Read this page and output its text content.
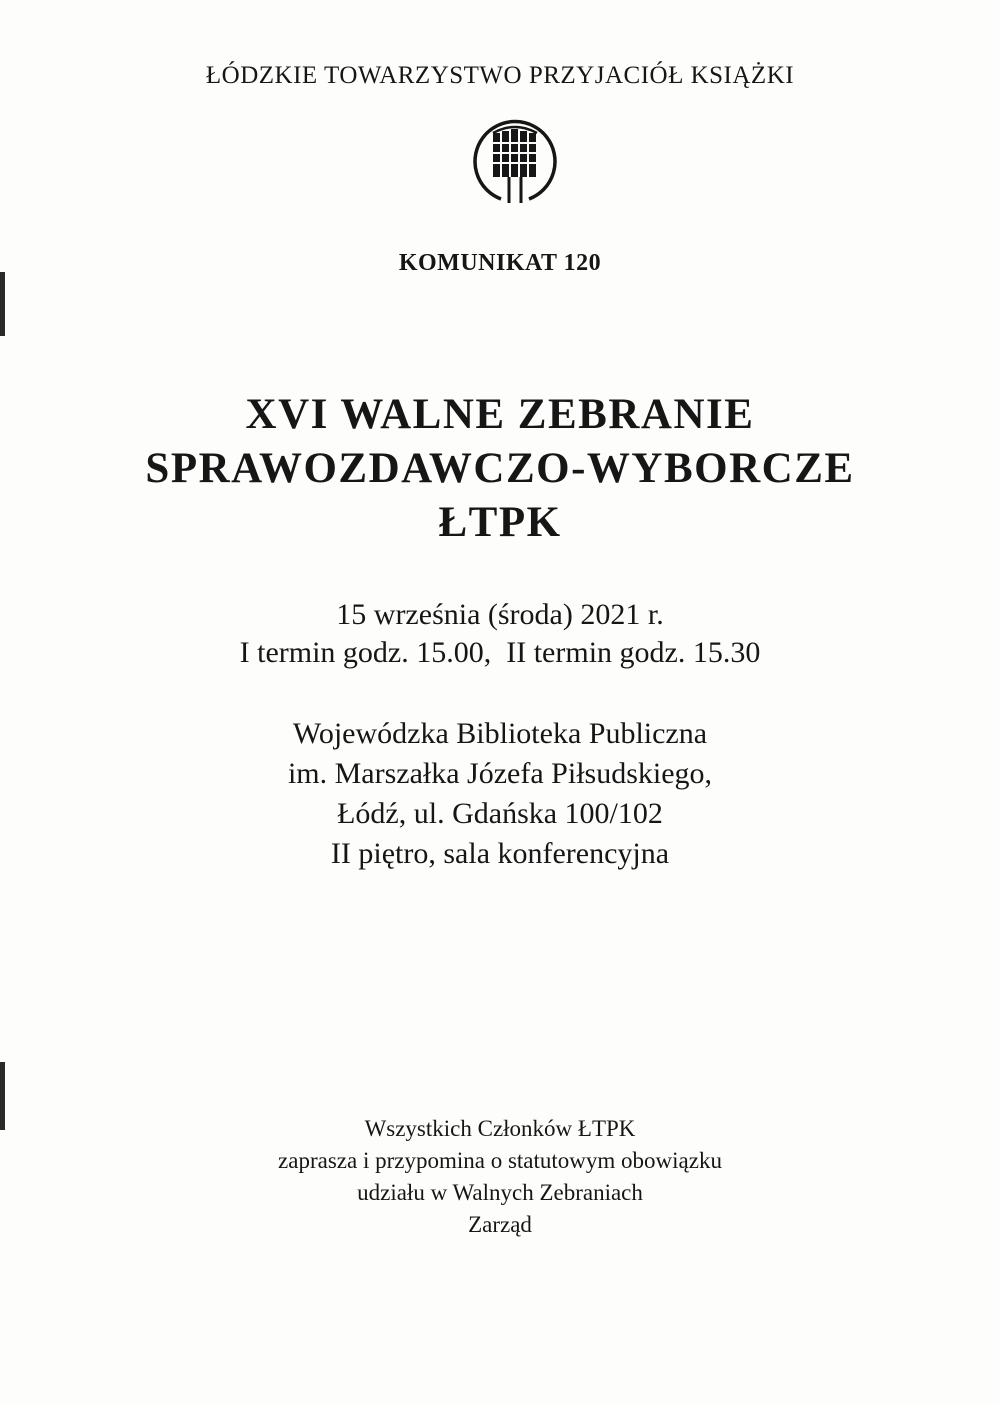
ŁÓDZKIE TOWARZYSTWO PRZYJACIÓŁ KSIĄŻKI
KOMUNIKAT 120
XVI WALNE ZEBRANIE
SPRAWOZDAWCZO-WYBORCZE
ŁTPK
15 września (środa) 2021 r.
I termin godz. 15.00,  II termin godz. 15.30
Wojewódzka Biblioteka Publiczna
im. Marszałka Józefa Piłsudskiego,
Łódź, ul. Gdańska 100/102
II piętro, sala konferencyjna
Wszystkich Członków ŁTPK
zaprasza i przypomina o statutowym obowiązku
udziału w Walnych Zebraniach
Zarząd
